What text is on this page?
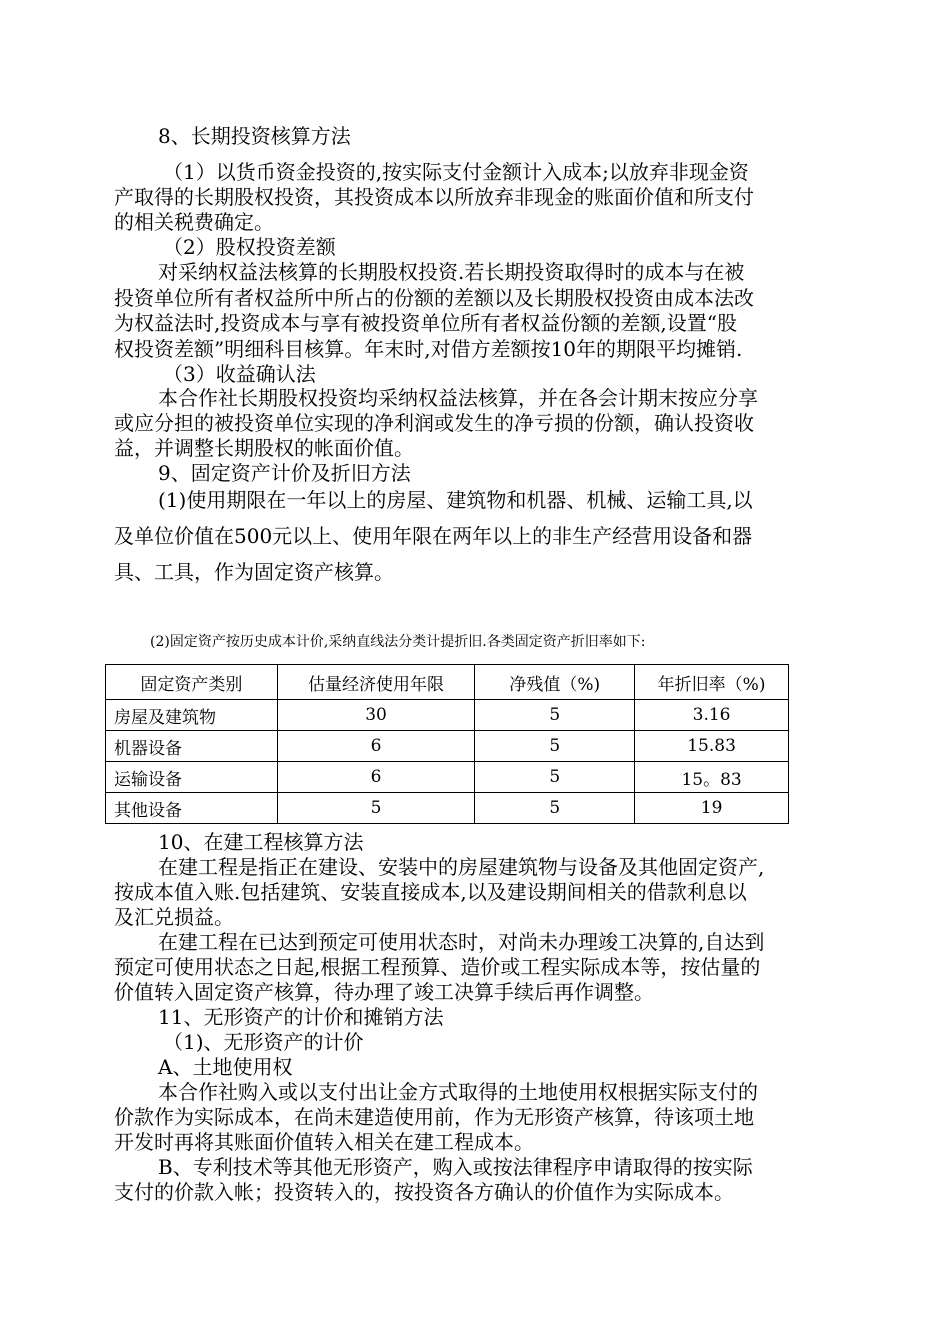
8、长期投资核算方法
（1）以货币资金投资的,按实际支付金额计入成本;以放弃非现金资
产取得的长期股权投资，其投资成本以所放弃非现金的账面价值和所支付
的相关税费确定。
（2）股权投资差额
对采纳权益法核算的长期股权投资.若长期投资取得时的成本与在被
投资单位所有者权益所中所占的份额的差额以及长期股权投资由成本法改
为权益法时,投资成本与享有被投资单位所有者权益份额的差额,设置“股
权投资差额”明细科目核算。年末时,对借方差额按10年的期限平均摊销.
（3）收益确认法
本合作社长期股权投资均采纳权益法核算，并在各会计期末按应分享
或应分担的被投资单位实现的净利润或发生的净亏损的份额，确认投资收
益，并调整长期股权的帐面价值。
9、固定资产计价及折旧方法
(1)使用期限在一年以上的房屋、建筑物和机器、机械、运输工具,以
及单位价值在500元以上、使用年限在两年以上的非生产经营用设备和器
具、工具，作为固定资产核算。
(2)固定资产按历史成本计价,采纳直线法分类计提折旧.各类固定资产折旧率如下:
固定资产类别	估量经济使用年限	净残值（%)	年折旧率（%)
房屋及建筑物	30	5	3.16
机器设备	6	5	15.83
运输设备	6	5	15。83
其他设备	5	5	19
10、在建工程核算方法
在建工程是指正在建设、安装中的房屋建筑物与设备及其他固定资产,
按成本值入账.包括建筑、安装直接成本,以及建设期间相关的借款利息以
及汇兑损益。
在建工程在已达到预定可使用状态时，对尚未办理竣工决算的,自达到
预定可使用状态之日起,根据工程预算、造价或工程实际成本等，按估量的
价值转入固定资产核算，待办理了竣工决算手续后再作调整。
11、无形资产的计价和摊销方法
（1)、无形资产的计价
A、土地使用权
本合作社购入或以支付出让金方式取得的土地使用权根据实际支付的
价款作为实际成本，在尚未建造使用前，作为无形资产核算，待该项土地
开发时再将其账面价值转入相关在建工程成本。
B、专利技术等其他无形资产，购入或按法律程序申请取得的按实际
支付的价款入帐；投资转入的，按投资各方确认的价值作为实际成本。
